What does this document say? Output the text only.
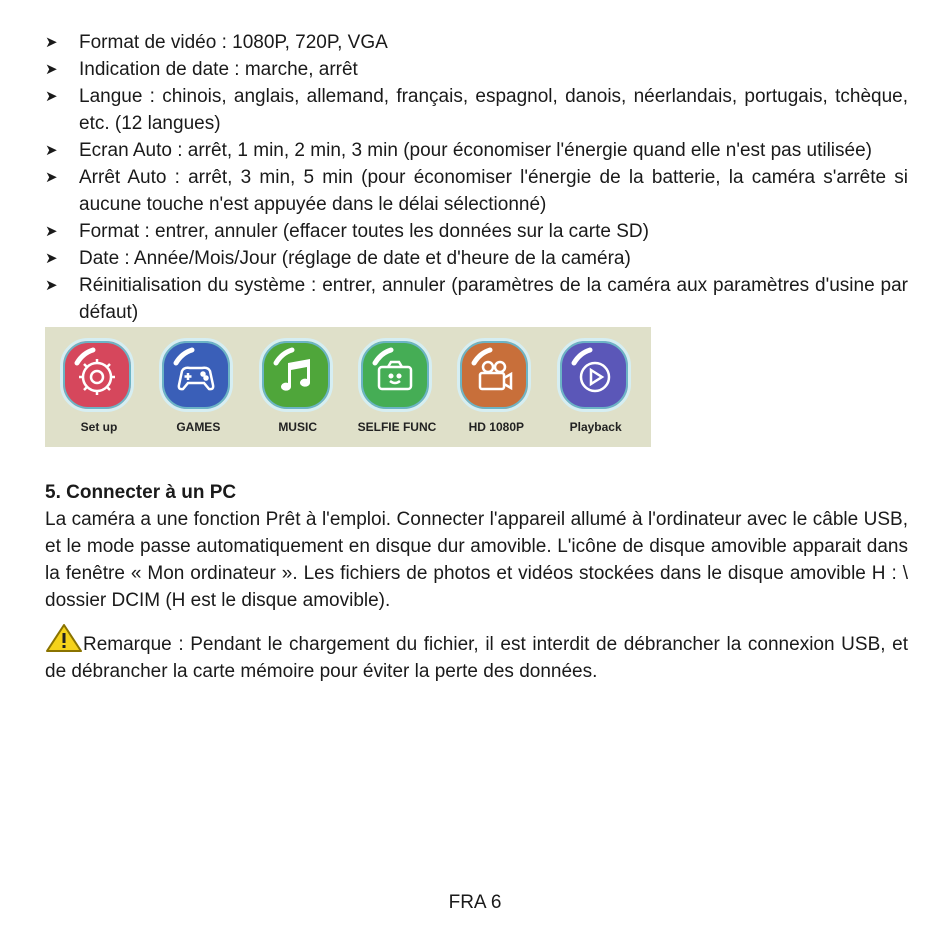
➤ Format de vidéo : 1080P, 720P, VGA
➤ Indication de date : marche, arrêt
➤ Langue : chinois, anglais, allemand, français, espagnol, danois, néerlandais, portugais, tchèque, etc. (12 langues)
➤ Ecran Auto : arrêt, 1 min, 2 min, 3 min (pour économiser l'énergie quand elle n'est pas utilisée)
➤ Arrêt Auto : arrêt, 3 min, 5 min (pour économiser l'énergie de la batterie, la caméra s'arrête si aucune touche n'est appuyée dans le délai sélectionné)
➤ Format : entrer, annuler (effacer toutes les données sur la carte SD)
➤ Date : Année/Mois/Jour (réglage de date et d'heure de la caméra)
➤ Réinitialisation du système : entrer, annuler (paramètres de la caméra aux paramètres d'usine par défaut)
Set up	GAMES	MUSIC	SELFIE FUNC	HD 1080P	Playback
5. Connecter à un PC

La caméra a une fonction Prêt à l'emploi. Connecter l'appareil allumé à l'ordinateur avec le câble USB, et le mode passe automatiquement en disque dur amovible. L'icône de disque amovible apparait dans la fenêtre « Mon ordinateur ». Les fichiers de photos et vidéos stockées dans le disque amovible H : \ dossier DCIM (H est le disque amovible).

Remarque : Pendant le chargement du fichier, il est interdit de débrancher la connexion USB, et de débrancher la carte mémoire pour éviter la perte des données.

FRA 6
